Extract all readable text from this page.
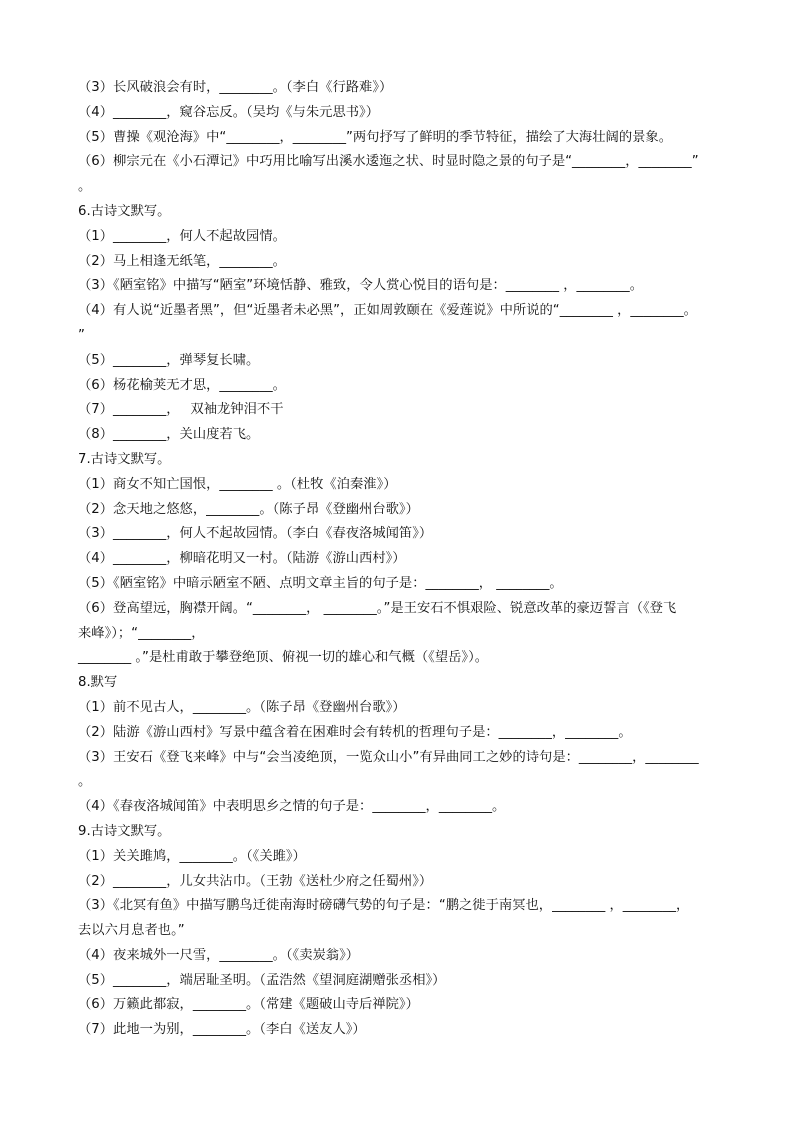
（3）长风破浪会有时，________。（李白《行路难》）
（4）________，窥谷忘反。（吴均《与朱元思书》）
（5）曹操《观沧海》中“________，________”两句抒写了鲜明的季节特征，描绘了大海壮阔的景象。
（6）柳宗元在《小石潭记》中巧用比喻写出溪水逶迤之状、时显时隐之景的句子是“________，________”
。
6.古诗文默写。
（1）________，何人不起故园情。
（2）马上相逢无纸笔，________。
（3）《陋室铭》中描写“陋室”环境恬静、雅致，令人赏心悦目的语句是：________ ，________。
（4）有人说“近墨者黑”，但“近墨者未必黑”，正如周敦颐在《爱莲说》中所说的“________ ，________。
”
（5）________，弹琴复长啸。
（6）杨花榆荚无才思，________。
（7）________，　 双袖龙钟泪不干
（8）________，关山度若飞。
7.古诗文默写。
（1）商女不知亡国恨，________ 。（杜牧《泊秦淮》）
（2）念天地之悠悠，________。（陈子昂《登幽州台歌》）
（3）________，何人不起故园情。（李白《春夜洛城闻笛》）
（4）________，柳暗花明又一村。（陆游《游山西村》）
（5）《陋室铭》中暗示陋室不陋、点明文章主旨的句子是：________， ________。
（6）登高望远，胸襟开阔。“________， ________。”是王安石不惧艰险、锐意改革的豪迈誓言（《登飞
来峰》）；“________，
________ 。”是杜甫敢于攀登绝顶、俯视一切的雄心和气概（《望岳》）。
8.默写
（1）前不见古人，________。（陈子昂《登幽州台歌》）
（2）陆游《游山西村》写景中蕴含着在困难时会有转机的哲理句子是：________，________。
（3）王安石《登飞来峰》中与“会当凌绝顶，一览众山小”有异曲同工之妙的诗句是：________，________
。
（4）《春夜洛城闻笛》中表明思乡之情的句子是：________，________。
9.古诗文默写。
（1）关关雎鸠，________。（《关雎》）
（2）________，儿女共沾巾。（王勃《送杜少府之任蜀州》）
（3）《北冥有鱼》中描写鹏鸟迁徙南海时磅礴气势的句子是：“鹏之徙于南冥也，________ ，________，
去以六月息者也。”
（4）夜来城外一尺雪，________。（《卖炭翁》）
（5）________，端居耻圣明。（孟浩然《望洞庭湖赠张丞相》）
（6）万籁此都寂，________。（常建《题破山寺后禅院》）
（7）此地一为别，________。（李白《送友人》）
